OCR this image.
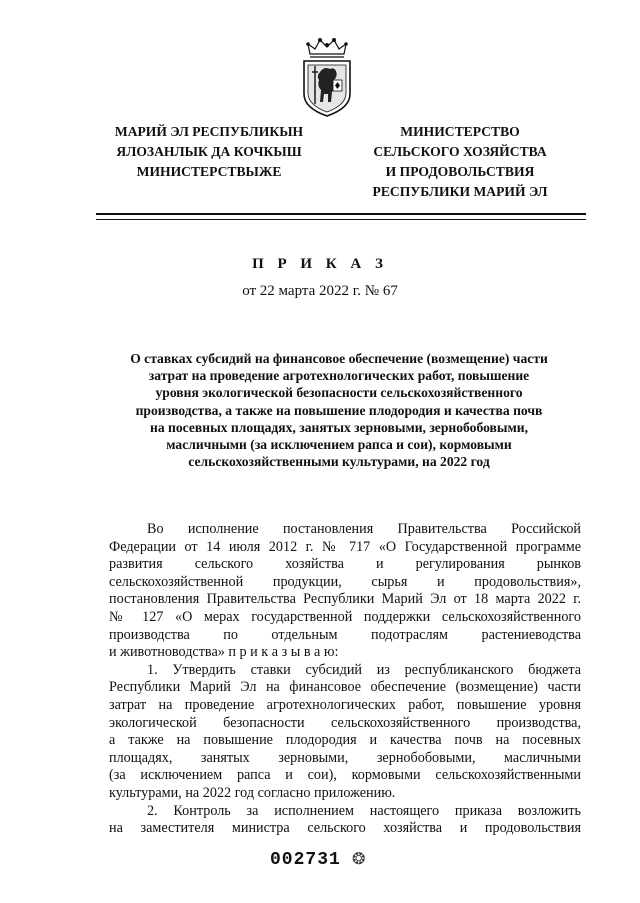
МАРИЙ ЭЛ РЕСПУБЛИКЫН
ЯЛОЗАНЛЫК ДА КОЧКЫШ
МИНИСТЕРСТВЫЖЕ
МИНИСТЕРСТВО
СЕЛЬСКОГО ХОЗЯЙСТВА
И ПРОДОВОЛЬСТВИЯ
РЕСПУБЛИКИ МАРИЙ ЭЛ
П Р И К А З
от 22 марта 2022 г. № 67
О ставках субсидий на финансовое обеспечение (возмещение) части
затрат на проведение агротехнологических работ, повышение
уровня экологической безопасности сельскохозяйственного
производства, а также на повышение плодородия и качества почв
на посевных площадях, занятых зерновыми, зернобобовыми,
масличными (за исключением рапса и сои), кормовыми
сельскохозяйственными культурами, на 2022 год
Во исполнение постановления Правительства Российской
Федерации от 14 июля 2012 г. № 717 «О Государственной программе
развития сельского хозяйства и регулирования рынков
сельскохозяйственной продукции, сырья и продовольствия»,
постановления Правительства Республики Марий Эл от 18 марта 2022 г.
№ 127 «О мерах государственной поддержки сельскохозяйственного
производства по отдельным подотраслям растениеводства
и животноводства» п р и к а з ы в а ю:
1. Утвердить ставки субсидий из республиканского бюджета
Республики Марий Эл на финансовое обеспечение (возмещение) части
затрат на проведение агротехнологических работ, повышение уровня
экологической безопасности сельскохозяйственного производства,
а также на повышение плодородия и качества почв на посевных
площадях, занятых зерновыми, зернобобовыми, масличными
(за исключением рапса и сои), кормовыми сельскохозяйственными
культурами, на 2022 год согласно приложению.
2. Контроль за исполнением настоящего приказа возложить
на заместителя министра сельского хозяйства и продовольствия
002731 ❂
